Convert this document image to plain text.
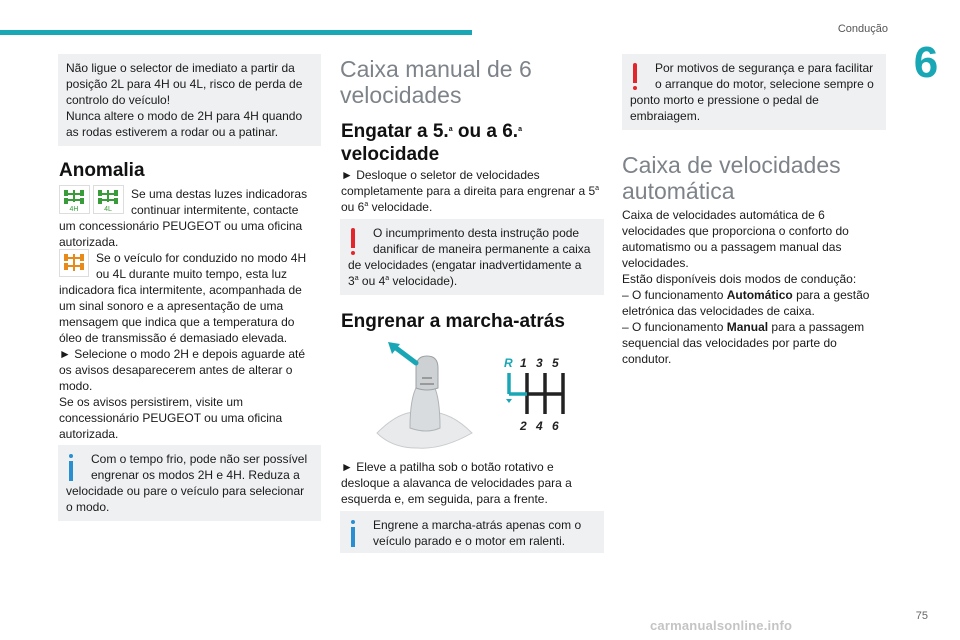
Condução
6
Não ligue o selector de imediato a partir da
posição 2L para 4H ou 4L, risco de perda de
controlo do veículo!
Nunca altere o modo de 2H para 4H quando
as rodas estiverem a rodar ou a patinar.
Anomalia
4H	4L
Se uma destas luzes indicadoras
continuar intermitente, contacte
um concessionário PEUGEOT ou uma oficina
autorizada.
Se o veículo for conduzido no modo 4H
ou 4L durante muito tempo, esta luz
indicadora fica intermitente, acompanhada de
um sinal sonoro e a apresentação de uma
mensagem que indica que a temperatura do
óleo de transmissão é demasiado elevada.
► Selecione o modo 2H e depois aguarde até
os avisos desaparecerem antes de alterar o
modo.
Se os avisos persistirem, visite um
concessionário PEUGEOT ou uma oficina
autorizada.
Com o tempo frio, pode não ser possível
engrenar os modos 2H e 4H. Reduza a
velocidade ou pare o veículo para selecionar
o modo.
Caixa manual de 6
velocidades
Engatar a 5.$^a$ ou a 6.$^a$
velocidade
► Desloque o seletor de velocidades
completamente para a direita para engrenar a 5$^a$
ou 6$^a$ velocidade.
O incumprimento desta instrução pode
danificar de maneira permanente a caixa
de velocidades (engatar inadvertidamente a
3$^a$ ou 4$^a$ velocidade).
Engrenar a marcha-atrás
R 1 3 5
2 4 6
► Eleve a patilha sob o botão rotativo e
desloque a alavanca de velocidades para a
esquerda e, em seguida, para a frente.
Engrene a marcha-atrás apenas com o
veículo parado e o motor em ralenti.
Por motivos de segurança e para facilitar
o arranque do motor, selecione sempre o
ponto morto e pressione o pedal de
embraiagem.
Caixa de velocidades
automática
Caixa de velocidades automática de 6
velocidades que proporciona o conforto do
automatismo ou a passagem manual das
velocidades.
Estão disponíveis dois modos de condução:
– O funcionamento Automático para a gestão
eletrónica das velocidades de caixa.
– O funcionamento Manual para a passagem
sequencial das velocidades por parte do
condutor.
75
carmanualsonline.info
